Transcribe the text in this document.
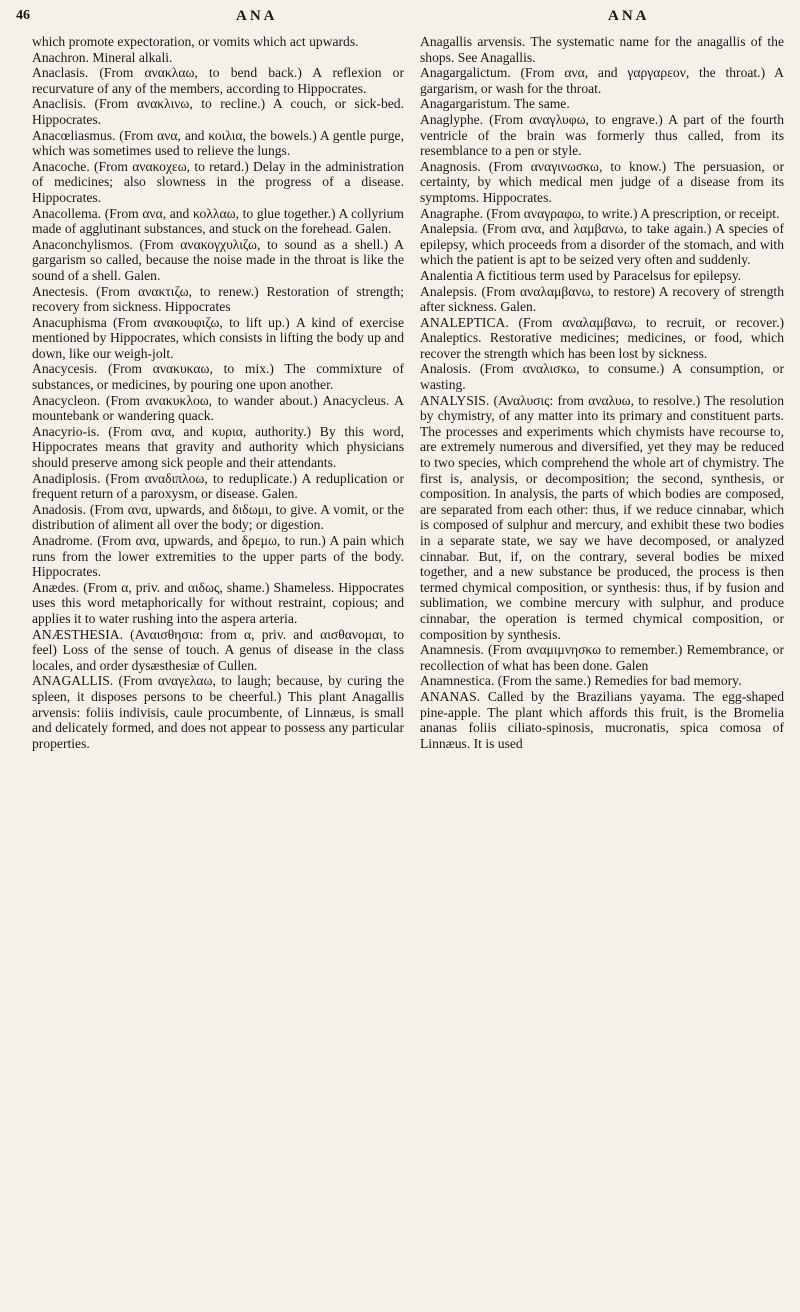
46	ANA	ANA

which promote expectoration, or vomits which act upwards.

Anachron. Mineral alkali.

Anaclasis. (From ανακλαω, to bend back.) A reflexion or recurvature of any of the members, according to Hippocrates.

Anaclisis. (From ανακλινω, to recline.) A couch, or sick-bed. Hippocrates.

Anacœliasmus. (From ανα, and κοιλια, the bowels.) A gentle purge, which was sometimes used to relieve the lungs.

Anacoche. (From ανακοχεω, to retard.) Delay in the administration of medicines; also slowness in the progress of a disease. Hippocrates.

Anacollema. (From ανα, and κολλαω, to glue together.) A collyrium made of agglutinant substances, and stuck on the forehead. Galen.

Anaconchylismos. (From ανακογχυλιζω, to sound as a shell.) A gargarism so called, because the noise made in the throat is like the sound of a shell. Galen.

Anectesis. (From ανακτιζω, to renew.) Restoration of strength; recovery from sickness. Hippocrates

Anacuphismа (From ανακουφιζω, to lift up.) A kind of exercise mentioned by Hippocrates, which consists in lifting the body up and down, like our weigh-jolt.

Anacycesis. (From ανακυκαω, to mix.) The commixture of substances, or medicines, by pouring one upon another.

Anacycleon. (From ανακυκλοω, to wander about.) Anacycleus. A mountebank or wandering quack.

Anacyrio-is. (From ανα, and κυρια, authority.) By this word, Hippocrates means that gravity and authority which physicians should preserve among sick people and their attendants.

Anadiplosis. (From αναδιπλοω, to reduplicate.) A reduplication or frequent return of a paroxysm, or disease. Galen.

Anadosis. (From ανα, upwards, and διδωμι, to give. A vomit, or the distribution of aliment all over the body; or digestion.

Anadrome. (From ανα, upwards, and δρεμω, to run.) A pain which runs from the lower extremities to the upper parts of the body. Hippocrates.

Anædes. (From α, priv. and αιδως, shame.) Shameless. Hippocrates uses this word metaphorically for without restraint, copious; and applies it to water rushing into the aspera arteria.

ANÆSTHESIA. (Αναισθησια: from α, priv. and αισθανομαι, to feel) Loss of the sense of touch. A genus of disease in the class locales, and order dysæsthesiæ of Cullen.

ANAGALLIS. (From αναγελαω, to laugh; because, by curing the spleen, it disposes persons to be cheerful.) This plant Anagallis arvensis: foliis indivisis, caule procumbente, of Linnæus, is small and delicately formed, and does not appear to possess any particular properties.

Anagallis arvensis. The systematic name for the anagallis of the shops. See Anagallis.

Anagargalictum. (From ανα, and γαργαρεον, the throat.) A gargarism, or wash for the throat.

Anagargaristum. The same.

Anaglyphe. (From αναγλυφω, to engrave.) A part of the fourth ventricle of the brain was formerly thus called, from its resemblance to a pen or style.

Anagnosis. (From αναγινωσκω, to know.) The persuasion, or certainty, by which medical men judge of a disease from its symptoms. Hippocrates.

Anagraphe. (From αναγραφω, to write.) A prescription, or receipt.

Analepsia. (From ανα, and λαμβανω, to take again.) A species of epilepsy, which proceeds from a disorder of the stomach, and with which the patient is apt to be seized very often and suddenly.

Analentia A fictitious term used by Paracelsus for epilepsy.

Analepsis. (From αναλαμβανω, to restore) A recovery of strength after sickness. Galen.

ANALEPTICA. (From αναλαμβανω, to recruit, or recover.) Analeptics. Restorative medicines; medicines, or food, which recover the strength which has been lost by sickness.

Analosis. (From αναλισκω, to consume.) A consumption, or wasting.

ANALYSIS. (Αναλυσις: from αναλυω, to resolve.) The resolution by chymistry, of any matter into its primary and constituent parts. The processes and experiments which chymists have recourse to, are extremely numerous and diversified, yet they may be reduced to two species, which comprehend the whole art of chymistry. The first is, analysis, or decomposition; the second, synthesis, or composition. In analysis, the parts of which bodies are composed, are separated from each other: thus, if we reduce cinnabar, which is composed of sulphur and mercury, and exhibit these two bodies in a separate state, we say we have decomposed, or analyzed cinnabar. But, if, on the contrary, several bodies be mixed together, and a new substance be produced, the process is then termed chymical composition, or synthesis: thus, if by fusion and sublimation, we combine mercury with sulphur, and produce cinnabar, the operation is termed chymical composition, or composition by synthesis.

Anamnesis. (From αναμιμνησκω to remember.) Remembrance, or recollection of what has been done. Galen

Anamnestica. (From the same.) Remedies for bad memory.

ANANAS. Called by the Brazilians yayama. The egg-shaped pine-apple. The plant which affords this fruit, is the Bromelia ananas foliis ciliato-spinosis, mucronatis, spica comosa of Linnæus. It is used
